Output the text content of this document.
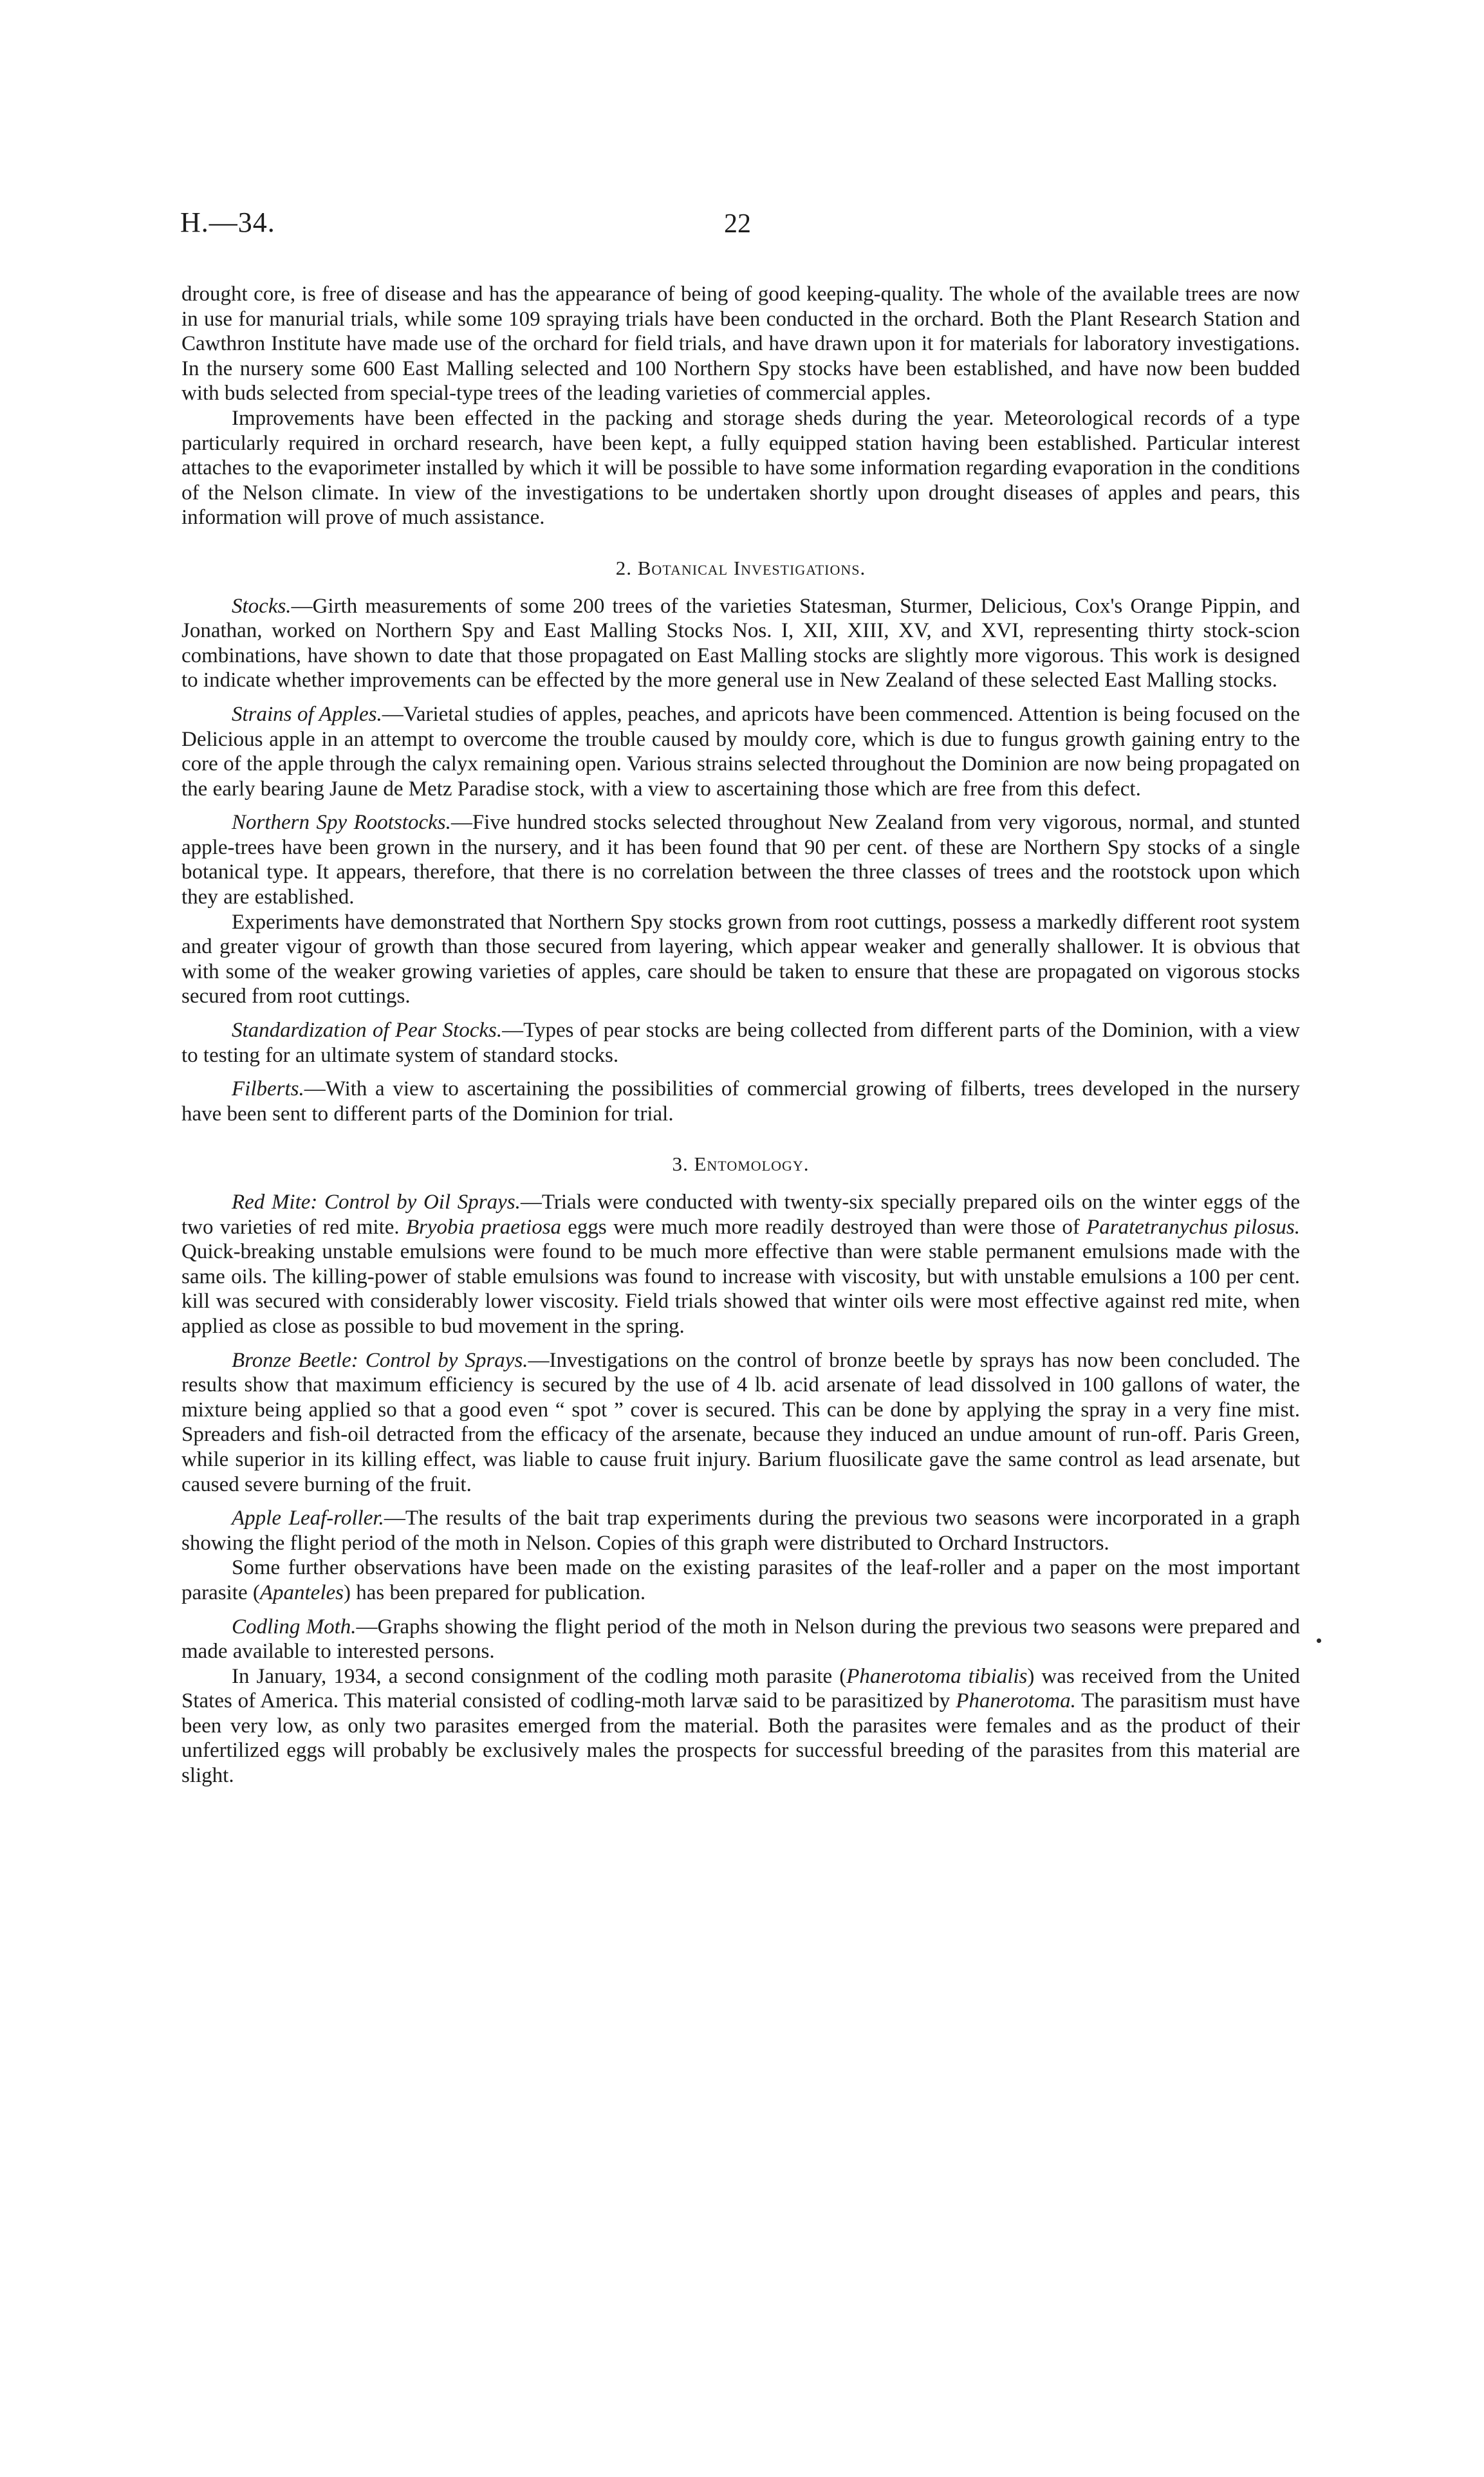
H.—34.	22

drought core, is free of disease and has the appearance of being of good keeping-quality. The whole of the available trees are now in use for manurial trials, while some 109 spraying trials have been conducted in the orchard. Both the Plant Research Station and Cawthron Institute have made use of the orchard for field trials, and have drawn upon it for materials for laboratory investigations. In the nursery some 600 East Malling selected and 100 Northern Spy stocks have been established, and have now been budded with buds selected from special-type trees of the leading varieties of commercial apples.

Improvements have been effected in the packing and storage sheds during the year. Meteorological records of a type particularly required in orchard research, have been kept, a fully equipped station having been established. Particular interest attaches to the evaporimeter installed by which it will be possible to have some information regarding evaporation in the conditions of the Nelson climate. In view of the investigations to be undertaken shortly upon drought diseases of apples and pears, this information will prove of much assistance.

2. Botanical Investigations.

Stocks.—Girth measurements of some 200 trees of the varieties Statesman, Sturmer, Delicious, Cox's Orange Pippin, and Jonathan, worked on Northern Spy and East Malling Stocks Nos. I, XII, XIII, XV, and XVI, representing thirty stock-scion combinations, have shown to date that those propagated on East Malling stocks are slightly more vigorous. This work is designed to indicate whether improvements can be effected by the more general use in New Zealand of these selected East Malling stocks.

Strains of Apples.—Varietal studies of apples, peaches, and apricots have been commenced. Attention is being focused on the Delicious apple in an attempt to overcome the trouble caused by mouldy core, which is due to fungus growth gaining entry to the core of the apple through the calyx remaining open. Various strains selected throughout the Dominion are now being propagated on the early bearing Jaune de Metz Paradise stock, with a view to ascertaining those which are free from this defect.

Northern Spy Rootstocks.—Five hundred stocks selected throughout New Zealand from very vigorous, normal, and stunted apple-trees have been grown in the nursery, and it has been found that 90 per cent. of these are Northern Spy stocks of a single botanical type. It appears, therefore, that there is no correlation between the three classes of trees and the rootstock upon which they are established.

Experiments have demonstrated that Northern Spy stocks grown from root cuttings, possess a markedly different root system and greater vigour of growth than those secured from layering, which appear weaker and generally shallower. It is obvious that with some of the weaker growing varieties of apples, care should be taken to ensure that these are propagated on vigorous stocks secured from root cuttings.

Standardization of Pear Stocks.—Types of pear stocks are being collected from different parts of the Dominion, with a view to testing for an ultimate system of standard stocks.

Filberts.—With a view to ascertaining the possibilities of commercial growing of filberts, trees developed in the nursery have been sent to different parts of the Dominion for trial.

3. Entomology.

Red Mite: Control by Oil Sprays.—Trials were conducted with twenty-six specially prepared oils on the winter eggs of the two varieties of red mite. Bryobia praetiosa eggs were much more readily destroyed than were those of Paratetranychus pilosus. Quick-breaking unstable emulsions were found to be much more effective than were stable permanent emulsions made with the same oils. The killing-power of stable emulsions was found to increase with viscosity, but with unstable emulsions a 100 per cent. kill was secured with considerably lower viscosity. Field trials showed that winter oils were most effective against red mite, when applied as close as possible to bud movement in the spring.

Bronze Beetle: Control by Sprays.—Investigations on the control of bronze beetle by sprays has now been concluded. The results show that maximum efficiency is secured by the use of 4 lb. acid arsenate of lead dissolved in 100 gallons of water, the mixture being applied so that a good even “ spot ” cover is secured. This can be done by applying the spray in a very fine mist. Spreaders and fish-oil detracted from the efficacy of the arsenate, because they induced an undue amount of run-off. Paris Green, while superior in its killing effect, was liable to cause fruit injury. Barium fluosilicate gave the same control as lead arsenate, but caused severe burning of the fruit.

Apple Leaf-roller.—The results of the bait trap experiments during the previous two seasons were incorporated in a graph showing the flight period of the moth in Nelson. Copies of this graph were distributed to Orchard Instructors.

Some further observations have been made on the existing parasites of the leaf-roller and a paper on the most important parasite (Apanteles) has been prepared for publication.

Codling Moth.—Graphs showing the flight period of the moth in Nelson during the previous two seasons were prepared and made available to interested persons.

In January, 1934, a second consignment of the codling moth parasite (Phanerotoma tibialis) was received from the United States of America. This material consisted of codling-moth larvæ said to be parasitized by Phanerotoma. The parasitism must have been very low, as only two parasites emerged from the material. Both the parasites were females and as the product of their unfertilized eggs will probably be exclusively males the prospects for successful breeding of the parasites from this material are slight.
